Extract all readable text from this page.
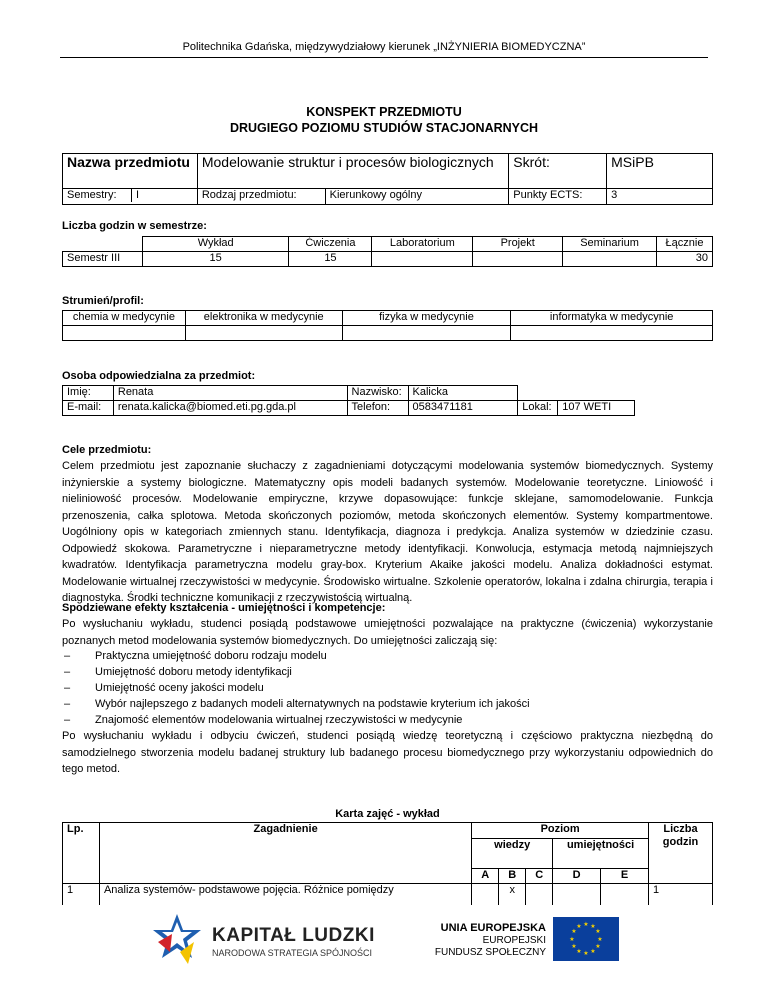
Politechnika Gdańska, międzywydziałowy kierunek „INŻYNIERIA BIOMEDYCZNA”
KONSPEKT PRZEDMIOTU
DRUGIEGO POZIOMU STUDIÓW STACJONARNYCH
Nazwa przedmiotu	Modelowanie struktur i procesów biologicznych		Skrót:	MSiPB

Semestry: I	Rodzaj przedmiotu:	Kierunkowy ogólny	Punkty ECTS:	3
Liczba godzin w semestrze:
	Wykład	Ćwiczenia	Laboratorium	Projekt	Seminarium	Łącznie
Semestr III	15	15				30
Strumień/profil:
chemia w medycynie	elektronika w medycynie	fizyka w medycynie	informatyka w medycynie

Osoba odpowiedzialna za przedmiot:
Imię:	Renata	Nazwisko:	Kalicka		
E-mail:	renata.kalicka@biomed.eti.pg.gda.pl	Telefon:	0583471181	Lokal:	107 WETI
Cele przedmiotu:
Celem przedmiotu jest zapoznanie słuchaczy z zagadnieniami dotyczącymi modelowania systemów biomedycznych. Systemy inżynierskie a systemy biologiczne. Matematyczny opis modeli badanych systemów. Modelowanie teoretyczne. Liniowość i nieliniowość procesów. Modelowanie empiryczne, krzywe dopasowujące: funkcje sklejane, samomodelowanie. Funkcja przenoszenia, całka splotowa. Metoda skończonych poziomów, metoda skończonych elementów. Systemy kompartmentowe. Uogólniony opis w kategoriach zmiennych stanu. Identyfikacja, diagnoza i predykcja. Analiza systemów w dziedzinie czasu. Odpowiedź skokowa. Parametryczne i nieparametryczne metody identyfikacji. Konwolucja, estymacja metodą najmniejszych kwadratów. Identyfikacja parametryczna modelu gray-box. Kryterium Akaike jakości modelu. Analiza dokładności estymat. Modelowanie wirtualnej rzeczywistości w medycynie. Środowisko wirtualne. Szkolenie operatorów, lokalna i zdalna chirurgia, terapia i diagnostyka. Środki techniczne komunikacji z rzeczywistością wirtualną.
Spodziewane efekty kształcenia - umiejętności i kompetencje:
Po wysłuchaniu wykładu, studenci posiądą podstawowe umiejętności pozwalające na praktyczne (ćwiczenia) wykorzystanie poznanych metod modelowania systemów biomedycznych. Do umiejętności zaliczają się:
– Praktyczna umiejętność doboru rodzaju modelu
– Umiejętność doboru metody identyfikacji
– Umiejętność oceny jakości modelu
– Wybór najlepszego z badanych modeli alternatywnych na podstawie kryterium ich jakości
– Znajomość elementów modelowania wirtualnej rzeczywistości w medycynie
Po wysłuchaniu wykładu i odbyciu ćwiczeń, studenci posiądą wiedzę teoretyczną i częściowo praktyczna niezbędną do samodzielnego stworzenia modelu badanej struktury lub badanego procesu biomedycznego przy wykorzystaniu odpowiednich do tego metod.
Karta zajęć - wykład
Lp.	Zagadnienie	Poziom					Liczba godzin
		wiedzy			umiejętności		
		A	B	C	D	E	
1	Analiza systemów- podstawowe pojęcia. Różnice pomiędzy		x				1
KAPITAŁ LUDZKI
NARODOWA STRATEGIA SPÓJNOŚCI
UNIA EUROPEJSKA
EUROPEJSKI
FUNDUSZ SPOŁECZNY
★ ★
★
★
★
★
★
★
★
★
★
★
